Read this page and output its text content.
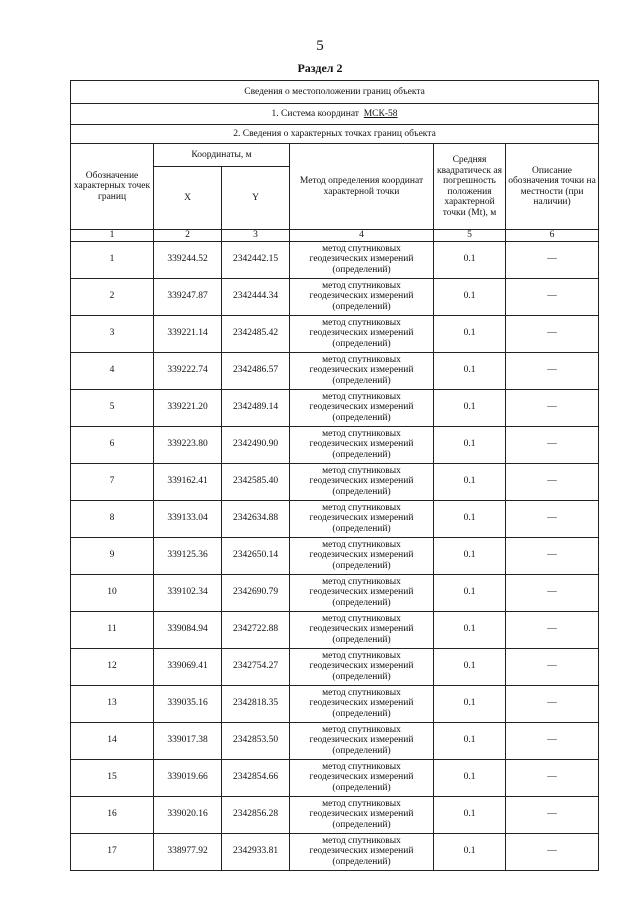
5
Раздел 2
Сведения о местоположении границ объекта					
1. Система координат МСК-58					
2. Сведения о характерных точках границ объекта					
Обозначение характерных точек границ	Координаты, м		Метод определения координат характерной точки	Средняя квадратическ ая погрешность положения характерной точки (Mt), м	Описание обозначения точки на местности (при наличии)
	X	Y			
1	2	3	4	5	6
1	339244.52	2342442.15	метод спутниковых геодезических измерений (определений)	0.1	—
2	339247.87	2342444.34	метод спутниковых геодезических измерений (определений)	0.1	—
3	339221.14	2342485.42	метод спутниковых геодезических измерений (определений)	0.1	—
4	339222.74	2342486.57	метод спутниковых геодезических измерений (определений)	0.1	—
5	339221.20	2342489.14	метод спутниковых геодезических измерений (определений)	0.1	—
6	339223.80	2342490.90	метод спутниковых геодезических измерений (определений)	0.1	—
7	339162.41	2342585.40	метод спутниковых геодезических измерений (определений)	0.1	—
8	339133.04	2342634.88	метод спутниковых геодезических измерений (определений)	0.1	—
9	339125.36	2342650.14	метод спутниковых геодезических измерений (определений)	0.1	—
10	339102.34	2342690.79	метод спутниковых геодезических измерений (определений)	0.1	—
11	339084.94	2342722.88	метод спутниковых геодезических измерений (определений)	0.1	—
12	339069.41	2342754.27	метод спутниковых геодезических измерений (определений)	0.1	—
13	339035.16	2342818.35	метод спутниковых геодезических измерений (определений)	0.1	—
14	339017.38	2342853.50	метод спутниковых геодезических измерений (определений)	0.1	—
15	339019.66	2342854.66	метод спутниковых геодезических измерений (определений)	0.1	—
16	339020.16	2342856.28	метод спутниковых геодезических измерений (определений)	0.1	—
17	338977.92	2342933.81	метод спутниковых геодезических измерений (определений)	0.1	—
